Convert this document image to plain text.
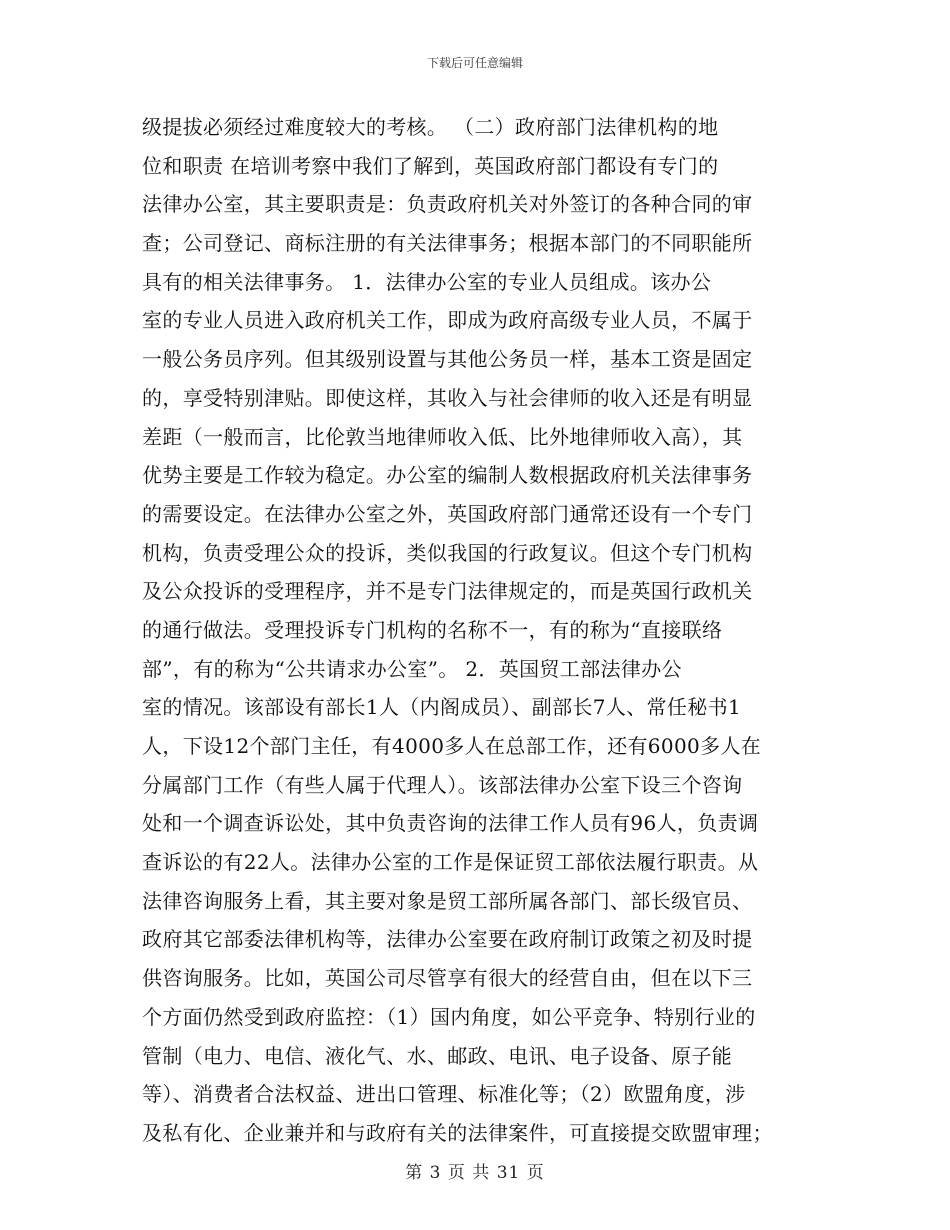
下载后可任意编辑
级提拔必须经过难度较大的考核。 （二）政府部门法律机构的地
位和职责 在培训考察中我们了解到，英国政府部门都设有专门的
法律办公室，其主要职责是：负责政府机关对外签订的各种合同的审
查；公司登记、商标注册的有关法律事务；根据本部门的不同职能所
具有的相关法律事务。 1．法律办公室的专业人员组成。该办公
室的专业人员进入政府机关工作，即成为政府高级专业人员，不属于
一般公务员序列。但其级别设置与其他公务员一样，基本工资是固定
的，享受特别津贴。即使这样，其收入与社会律师的收入还是有明显
差距（一般而言，比伦敦当地律师收入低、比外地律师收入高），其
优势主要是工作较为稳定。办公室的编制人数根据政府机关法律事务
的需要设定。在法律办公室之外，英国政府部门通常还设有一个专门
机构，负责受理公众的投诉，类似我国的行政复议。但这个专门机构
及公众投诉的受理程序，并不是专门法律规定的，而是英国行政机关
的通行做法。受理投诉专门机构的名称不一，有的称为“直接联络
部”，有的称为“公共请求办公室”。 2．英国贸工部法律办公
室的情况。该部设有部长1人（内阁成员）、副部长7人、常任秘书1
人，下设12个部门主任，有4000多人在总部工作，还有6000多人在
分属部门工作（有些人属于代理人）。该部法律办公室下设三个咨询
处和一个调查诉讼处，其中负责咨询的法律工作人员有96人，负责调
查诉讼的有22人。法律办公室的工作是保证贸工部依法履行职责。从
法律咨询服务上看，其主要对象是贸工部所属各部门、部长级官员、
政府其它部委法律机构等，法律办公室要在政府制订政策之初及时提
供咨询服务。比如，英国公司尽管享有很大的经营自由，但在以下三
个方面仍然受到政府监控：（1）国内角度，如公平竞争、特别行业的
管制（电力、电信、液化气、水、邮政、电讯、电子设备、原子能
等）、消费者合法权益、进出口管理、标准化等；（2）欧盟角度，涉
及私有化、企业兼并和与政府有关的法律案件，可直接提交欧盟审理；
第 3 页 共 31 页
